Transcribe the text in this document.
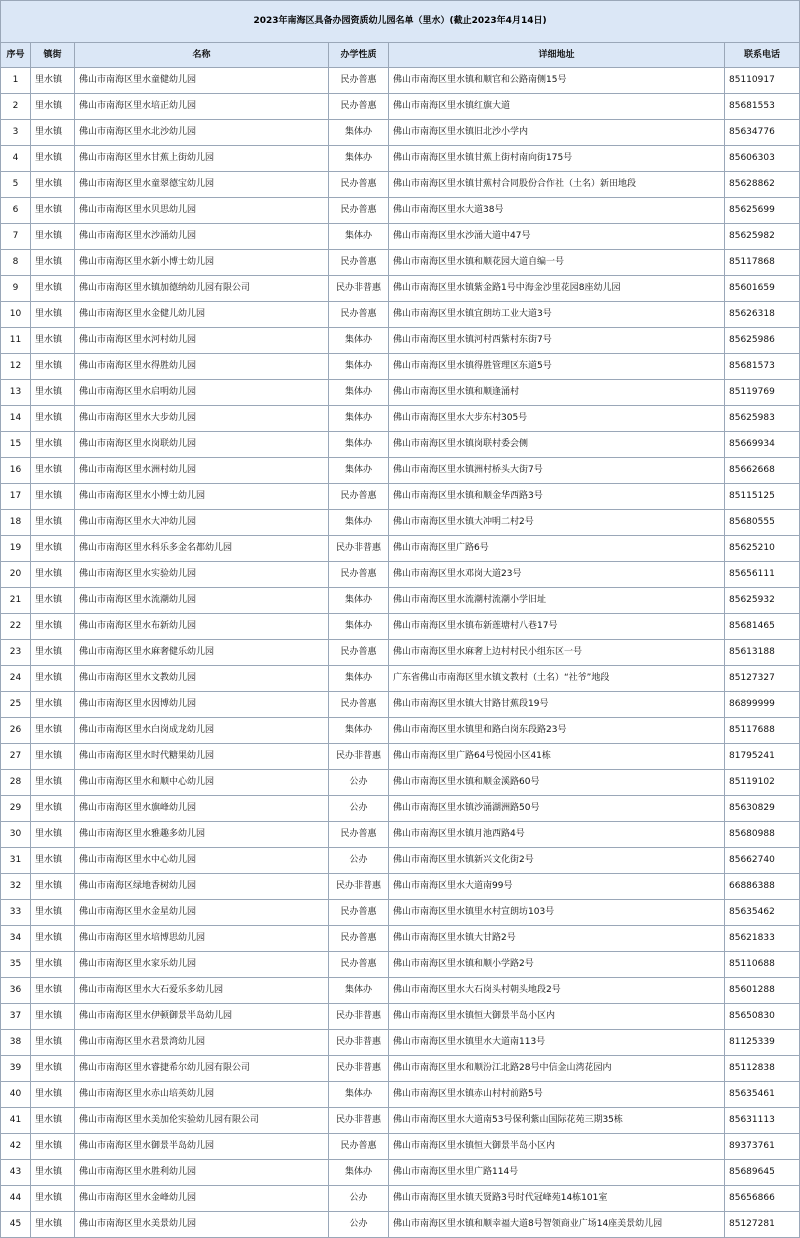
2023年南海区具备办园资质幼儿园名单（里水）(截止2023年4月14日)					
序号	镇街	名称	办学性质	详细地址	联系电话
1	里水镇	佛山市南海区里水童健幼儿园	民办普惠	佛山市南海区里水镇和顺官和公路南侧15号	85110917
2	里水镇	佛山市南海区里水培正幼儿园	民办普惠	佛山市南海区里水镇红旗大道	85681553
3	里水镇	佛山市南海区里水北沙幼儿园	集体办	佛山市南海区里水镇旧北沙小学内	85634776
4	里水镇	佛山市南海区里水甘蕉上街幼儿园	集体办	佛山市南海区里水镇甘蕉上街村南向街175号	85606303
5	里水镇	佛山市南海区里水童翠德宝幼儿园	民办普惠	佛山市南海区里水镇甘蕉村合同股份合作社（土名）新田地段	85628862
6	里水镇	佛山市南海区里水贝思幼儿园	民办普惠	佛山市南海区里水大道38号	85625699
7	里水镇	佛山市南海区里水沙涌幼儿园	集体办	佛山市南海区里水沙涌大道中47号	85625982
8	里水镇	佛山市南海区里水新小博士幼儿园	民办普惠	佛山市南海区里水镇和顺花园大道自编一号	85117868
9	里水镇	佛山市南海区里水镇加德纳幼儿园有限公司	民办非普惠	佛山市南海区里水镇紫金路1号中海金沙里花园8座幼儿园	85601659
10	里水镇	佛山市南海区里水金健儿幼儿园	民办普惠	佛山市南海区里水镇宜朗坊工业大道3号	85626318
11	里水镇	佛山市南海区里水河村幼儿园	集体办	佛山市南海区里水镇河村西紫村东街7号	85625986
12	里水镇	佛山市南海区里水得胜幼儿园	集体办	佛山市南海区里水镇得胜管理区东道5号	85681573
13	里水镇	佛山市南海区里水启明幼儿园	集体办	佛山市南海区里水镇和顺逢涌村	85119769
14	里水镇	佛山市南海区里水大步幼儿园	集体办	佛山市南海区里水大步东村305号	85625983
15	里水镇	佛山市南海区里水岗联幼儿园	集体办	佛山市南海区里水镇岗联村委会侧	85669934
16	里水镇	佛山市南海区里水洲村幼儿园	集体办	佛山市南海区里水镇洲村桥头大街7号	85662668
17	里水镇	佛山市南海区里水小博士幼儿园	民办普惠	佛山市南海区里水镇和顺金华西路3号	85115125
18	里水镇	佛山市南海区里水大冲幼儿园	集体办	佛山市南海区里水镇大冲明二村2号	85680555
19	里水镇	佛山市南海区里水科乐多金名都幼儿园	民办非普惠	佛山市南海区里广路6号	85625210
20	里水镇	佛山市南海区里水实验幼儿园	民办普惠	佛山市南海区里水邓岗大道23号	85656111
21	里水镇	佛山市南海区里水流潮幼儿园	集体办	佛山市南海区里水流潮村流潮小学旧址	85625932
22	里水镇	佛山市南海区里水布新幼儿园	集体办	佛山市南海区里水镇布新莲塘村八巷17号	85681465
23	里水镇	佛山市南海区里水麻奢健乐幼儿园	民办普惠	佛山市南海区里水麻奢上边村村民小组东区一号	85613188
24	里水镇	佛山市南海区里水文教幼儿园	集体办	广东省佛山市南海区里水镇文教村（土名）“社爷”地段	85127327
25	里水镇	佛山市南海区里水因博幼儿园	民办普惠	佛山市南海区里水镇大甘路甘蕉段19号	86899999
26	里水镇	佛山市南海区里水白岗成龙幼儿园	集体办	佛山市南海区里水镇里和路白岗东段路23号	85117688
27	里水镇	佛山市南海区里水时代糖果幼儿园	民办非普惠	佛山市南海区里广路64号悦园小区41栋	81795241
28	里水镇	佛山市南海区里水和顺中心幼儿园	公办	佛山市南海区里水镇和顺金溪路60号	85119102
29	里水镇	佛山市南海区里水旗峰幼儿园	公办	佛山市南海区里水镇沙涌湖洲路50号	85630829
30	里水镇	佛山市南海区里水雅趣多幼儿园	民办普惠	佛山市南海区里水镇月池西路4号	85680988
31	里水镇	佛山市南海区里水中心幼儿园	公办	佛山市南海区里水镇新兴文化街2号	85662740
32	里水镇	佛山市南海区绿地香树幼儿园	民办非普惠	佛山市南海区里水大道南99号	66886388
33	里水镇	佛山市南海区里水金星幼儿园	民办普惠	佛山市南海区里水镇里水村宣朗坊103号	85635462
34	里水镇	佛山市南海区里水培博思幼儿园	民办普惠	佛山市南海区里水镇大甘路2号	85621833
35	里水镇	佛山市南海区里水家乐幼儿园	民办普惠	佛山市南海区里水镇和顺小学路2号	85110688
36	里水镇	佛山市南海区里水大石爱乐多幼儿园	集体办	佛山市南海区里水大石岗头村朝头地段2号	85601288
37	里水镇	佛山市南海区里水伊顿御景半岛幼儿园	民办非普惠	佛山市南海区里水镇恒大御景半岛小区内	85650830
38	里水镇	佛山市南海区里水君景湾幼儿园	民办非普惠	佛山市南海区里水镇里水大道南113号	81125339
39	里水镇	佛山市南海区里水睿捷希尔幼儿园有限公司	民办非普惠	佛山市南海区里水和顺汾江北路28号中信金山湾花园内	85112838
40	里水镇	佛山市南海区里水赤山培英幼儿园	集体办	佛山市南海区里水镇赤山村村前路5号	85635461
41	里水镇	佛山市南海区里水美加伦实验幼儿园有限公司	民办非普惠	佛山市南海区里水大道南53号保利紫山国际花苑三期35栋	85631113
42	里水镇	佛山市南海区里水御景半岛幼儿园	民办普惠	佛山市南海区里水镇恒大御景半岛小区内	89373761
43	里水镇	佛山市南海区里水胜利幼儿园	集体办	佛山市南海区里水里广路114号	85689645
44	里水镇	佛山市南海区里水金峰幼儿园	公办	佛山市南海区里水镇天贤路3号时代冠峰苑14栋101室	85656866
45	里水镇	佛山市南海区里水美景幼儿园	公办	佛山市南海区里水镇和顺幸福大道8号智领商业广场14座美景幼儿园	85127281
